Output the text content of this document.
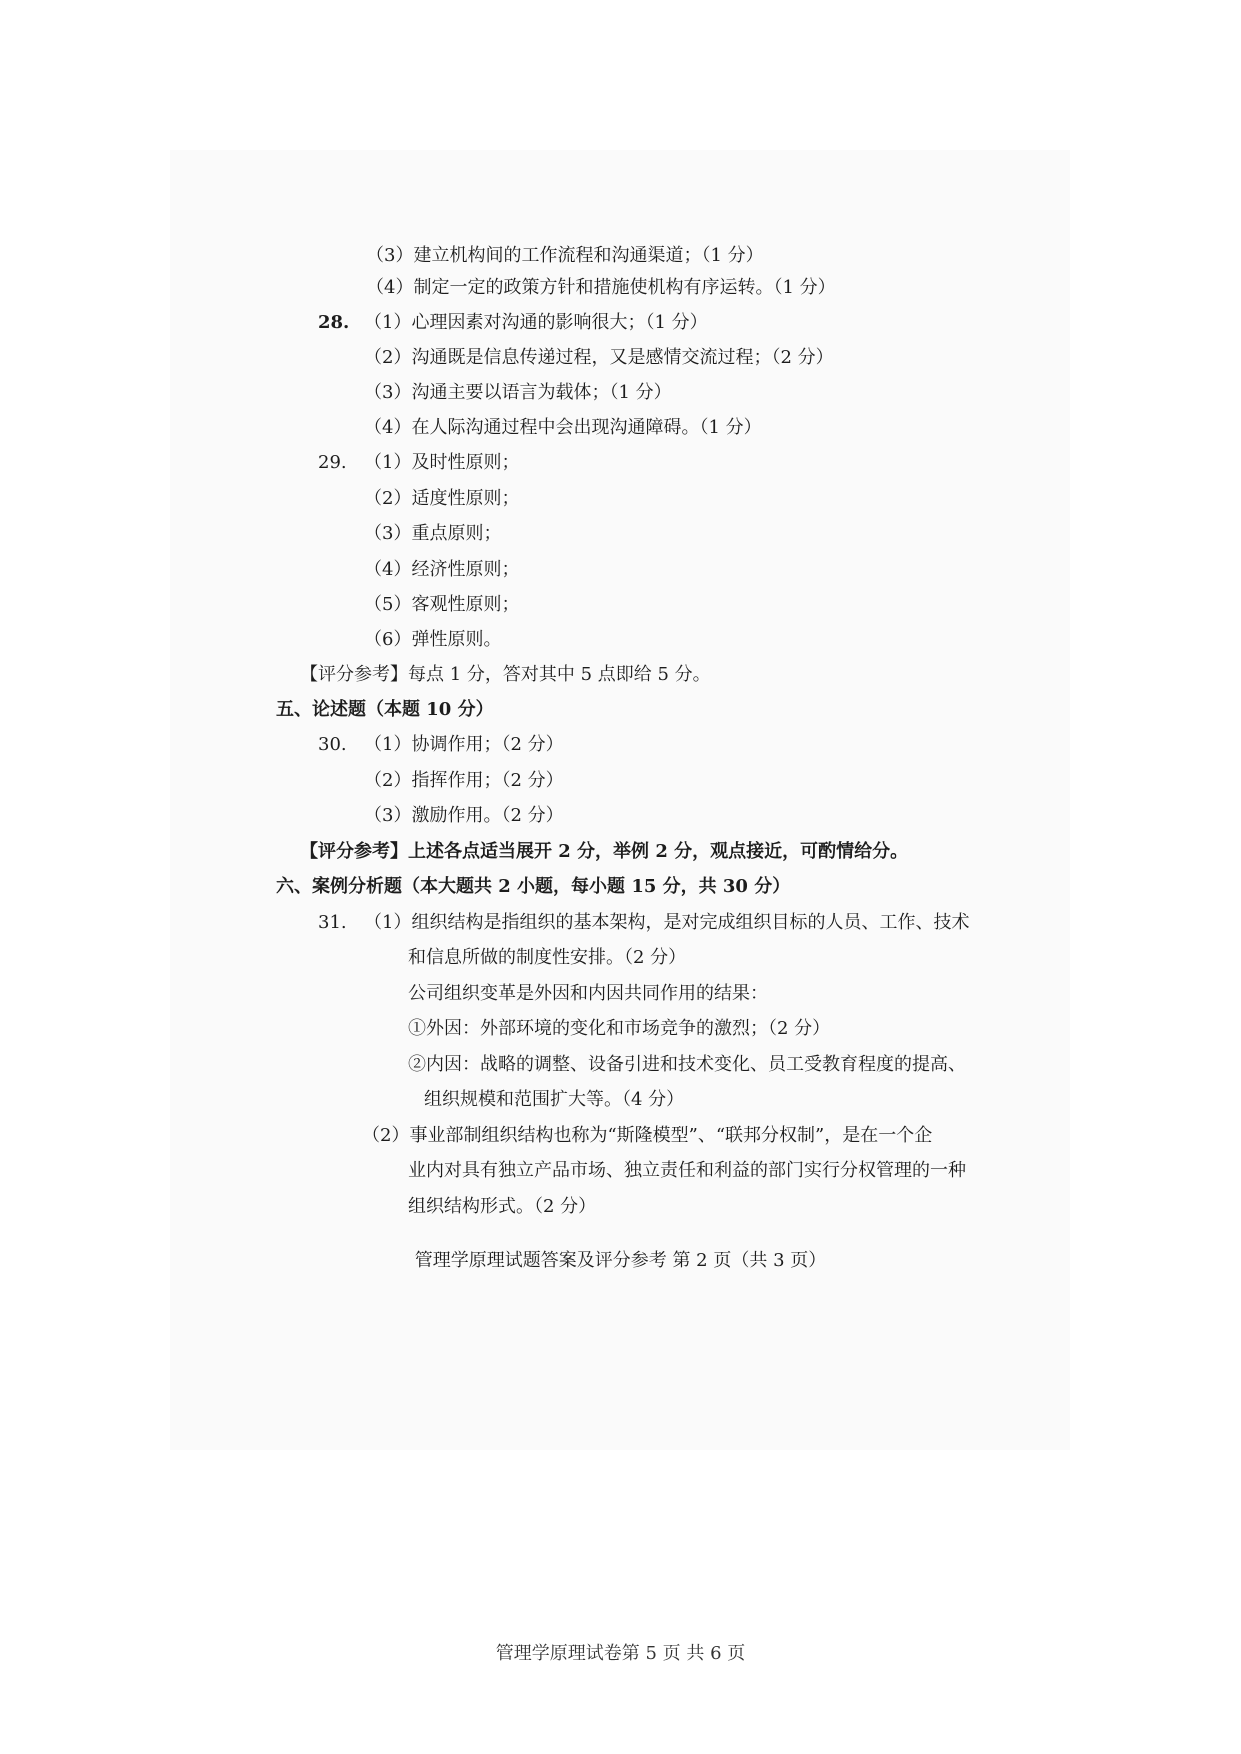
（3）建立机构间的工作流程和沟通渠道；（1 分）
（4）制定一定的政策方针和措施使机构有序运转。（1 分）
28. （1）心理因素对沟通的影响很大；（1 分）
（2）沟通既是信息传递过程，又是感情交流过程；（2 分）
（3）沟通主要以语言为载体；（1 分）
（4）在人际沟通过程中会出现沟通障碍。（1 分）
29. （1）及时性原则；
（2）适度性原则；
（3）重点原则；
（4）经济性原则；
（5）客观性原则；
（6）弹性原则。
【评分参考】每点 1 分，答对其中 5 点即给 5 分。
五、论述题（本题 10 分）
30. （1）协调作用；（2 分）
（2）指挥作用；（2 分）
（3）激励作用。（2 分）
【评分参考】上述各点适当展开 2 分，举例 2 分，观点接近，可酌情给分。
六、案例分析题（本大题共 2 小题，每小题 15 分，共 30 分）
31. （1）组织结构是指组织的基本架构，是对完成组织目标的人员、工作、技术
和信息所做的制度性安排。（2 分）
公司组织变革是外因和内因共同作用的结果：
①外因：外部环境的变化和市场竞争的激烈；（2 分）
②内因：战略的调整、设备引进和技术变化、员工受教育程度的提高、
组织规模和范围扩大等。（4 分）
（2）事业部制组织结构也称为“斯隆模型”、“联邦分权制”，是在一个企
业内对具有独立产品市场、独立责任和利益的部门实行分权管理的一种
组织结构形式。（2 分）
管理学原理试题答案及评分参考 第 2 页（共 3 页）
管理学原理试卷第 5 页 共 6 页
